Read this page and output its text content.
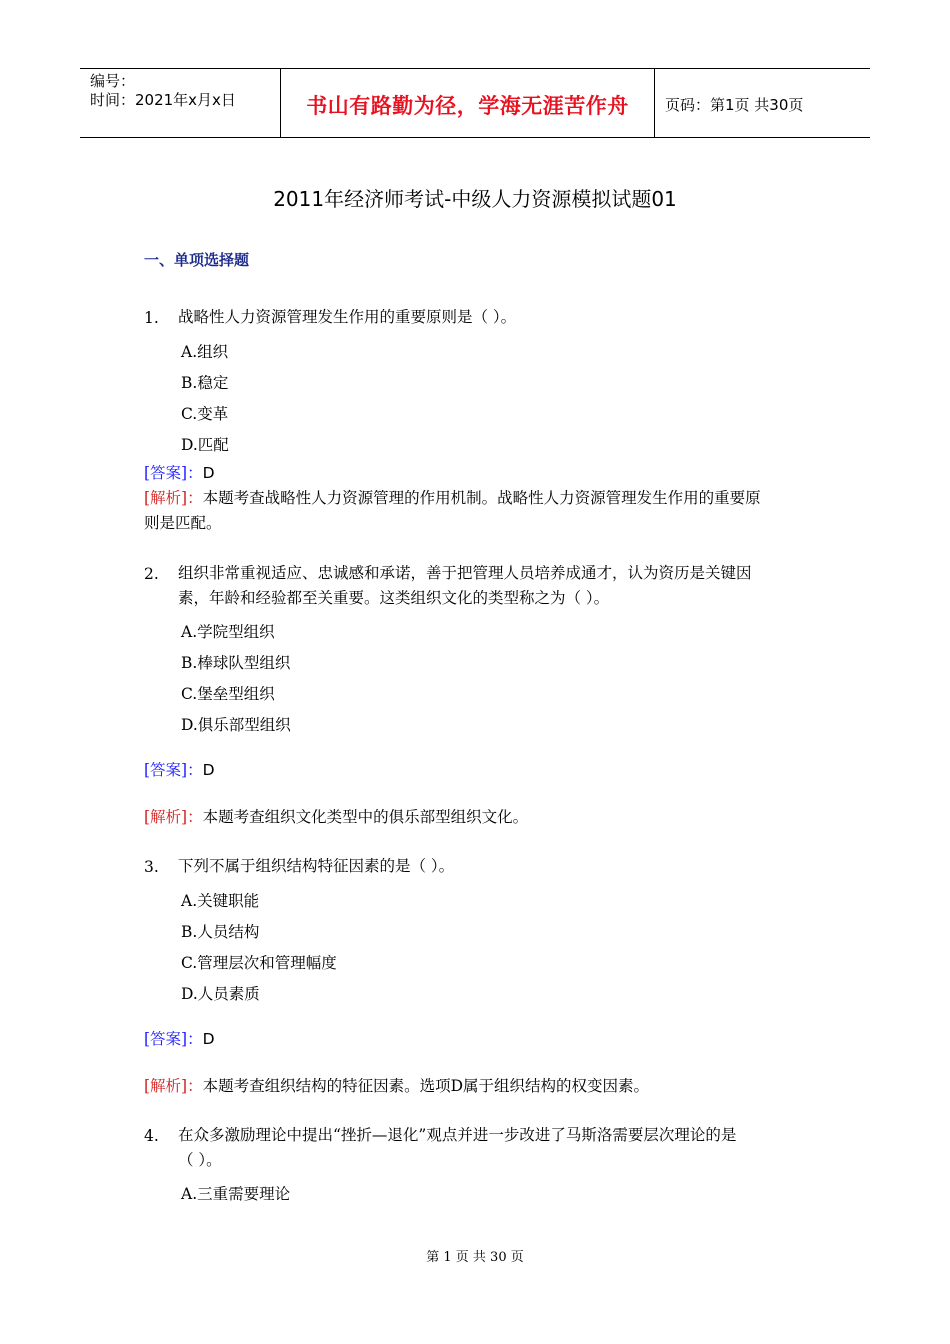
编号：
时间：2021年x月x日	书山有路勤为径，学海无涯苦作舟	页码：第1页 共30页
2011年经济师考试-中级人力资源模拟试题01
一、单项选择题
1. 战略性人力资源管理发生作用的重要原则是（ ）。
A.组织
B.稳定
C.变革
D.匹配
[答案]：D
[解析]：本题考查战略性人力资源管理的作用机制。战略性人力资源管理发生作用的重要原
则是匹配。
2. 组织非常重视适应、忠诚感和承诺，善于把管理人员培养成通才，认为资历是关键因
素，年龄和经验都至关重要。这类组织文化的类型称之为（ ）。
A.学院型组织
B.棒球队型组织
C.堡垒型组织
D.俱乐部型组织
[答案]：D
[解析]：本题考查组织文化类型中的俱乐部型组织文化。
3. 下列不属于组织结构特征因素的是（ ）。
A.关键职能
B.人员结构
C.管理层次和管理幅度
D.人员素质
[答案]：D
[解析]：本题考查组织结构的特征因素。选项D属于组织结构的权变因素。
4. 在众多激励理论中提出“挫折—退化”观点并进一步改进了马斯洛需要层次理论的是
（ ）。
A.三重需要理论
第 1 页 共 30 页
